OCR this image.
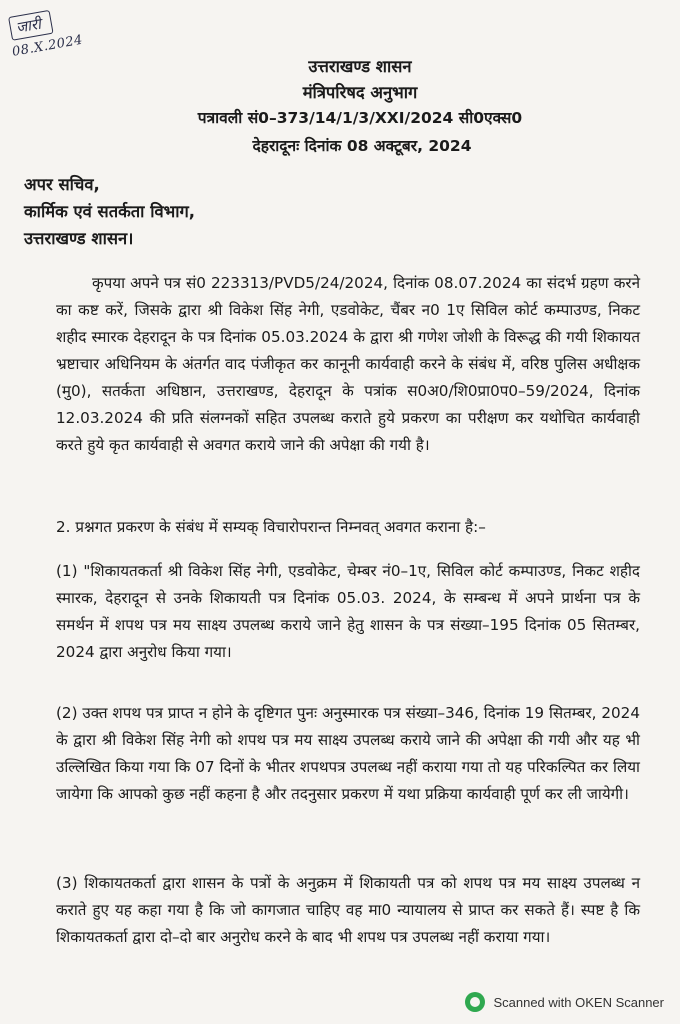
जारी
08.X.2024
उत्तराखण्ड शासन
मंत्रिपरिषद अनुभाग
पत्रावली सं0–373/14/1/3/XXI/2024 सी0एक्स0
देहरादूनः दिनांक 08 अक्टूबर, 2024
अपर सचिव,
कार्मिक एवं सतर्कता विभाग,
उत्तराखण्ड शासन।
कृपया अपने पत्र सं0 223313/PVD5/24/2024, दिनांक 08.07.2024 का संदर्भ ग्रहण करने का कष्ट करें, जिसके द्वारा श्री विकेश सिंह नेगी, एडवोकेट, चैंबर न0 1ए सिविल कोर्ट कम्पाउण्ड, निकट शहीद स्मारक देहरादून के पत्र दिनांक 05.03.2024 के द्वारा श्री गणेश जोशी के विरूद्ध की गयी शिकायत भ्रष्टाचार अधिनियम के अंतर्गत वाद पंजीकृत कर कानूनी कार्यवाही करने के संबंध में, वरिष्ठ पुलिस अधीक्षक (मु0), सतर्कता अधिष्ठान, उत्तराखण्ड, देहरादून के पत्रांक स0अ0/शि0प्रा0प0–59/2024, दिनांक 12.03.2024 की प्रति संलग्नकों सहित उपलब्ध कराते हुये प्रकरण का परीक्षण कर यथोचित कार्यवाही करते हुये कृत कार्यवाही से अवगत कराये जाने की अपेक्षा की गयी है।
2. प्रश्नगत प्रकरण के संबंध में सम्यक् विचारोपरान्त निम्नवत् अवगत कराना है:–
(1) "शिकायतकर्ता श्री विकेश सिंह नेगी, एडवोकेट, चेम्बर नं0–1ए, सिविल कोर्ट कम्पाउण्ड, निकट शहीद स्मारक, देहरादून से उनके शिकायती पत्र दिनांक 05.03. 2024, के सम्बन्ध में अपने प्रार्थना पत्र के समर्थन में शपथ पत्र मय साक्ष्य उपलब्ध कराये जाने हेतु शासन के पत्र संख्या–195 दिनांक 05 सितम्बर, 2024 द्वारा अनुरोध किया गया।
(2) उक्त शपथ पत्र प्राप्त न होने के दृष्टिगत पुनः अनुस्मारक पत्र संख्या–346, दिनांक 19 सितम्बर, 2024 के द्वारा श्री विकेश सिंह नेगी को शपथ पत्र मय साक्ष्य उपलब्ध कराये जाने की अपेक्षा की गयी और यह भी उल्लिखित किया गया कि 07 दिनों के भीतर शपथपत्र उपलब्ध नहीं कराया गया तो यह परिकल्पित कर लिया जायेगा कि आपको कुछ नहीं कहना है और तदनुसार प्रकरण में यथा प्रक्रिया कार्यवाही पूर्ण कर ली जायेगी।
(3) शिकायतकर्ता द्वारा शासन के पत्रों के अनुक्रम में शिकायती पत्र को शपथ पत्र मय साक्ष्य उपलब्ध न कराते हुए यह कहा गया है कि जो कागजात चाहिए वह मा0 न्यायालय से प्राप्त कर सकते हैं। स्पष्ट है कि शिकायतकर्ता द्वारा दो–दो बार अनुरोध करने के बाद भी शपथ पत्र उपलब्ध नहीं कराया गया।
Scanned with OKEN Scanner
